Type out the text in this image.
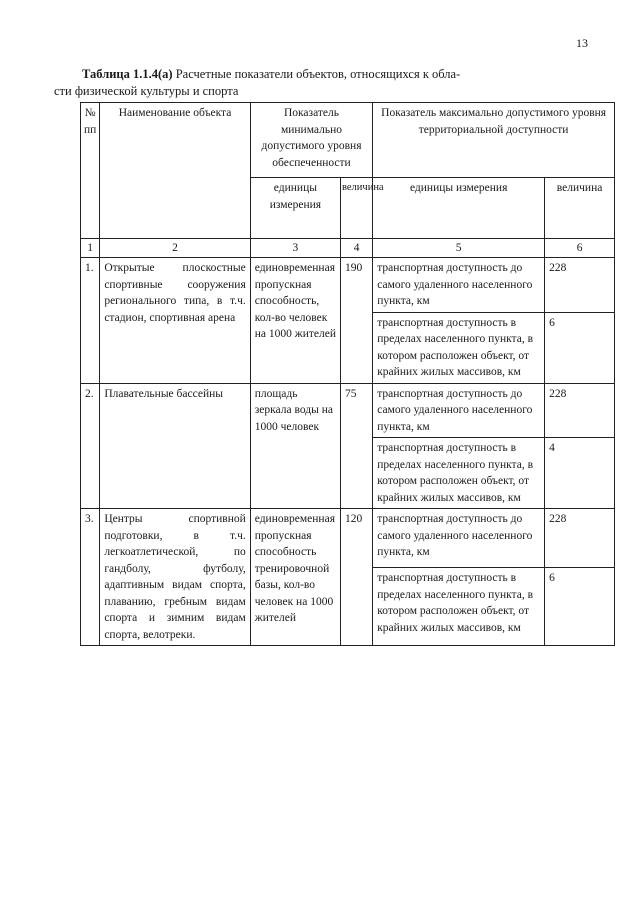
13
Таблица 1.1.4(а) Расчетные показатели объектов, относящихся к обла-
сти физической культуры и спорта
№ пп	Наименование объекта	Показатель минимально допустимого уровня обеспеченности		Показатель максимально допустимого уровня территориальной доступности	
		единицы измерения	величина	единицы измерения	величина
1	2	3	4	5	6
1.	Открытые плоскостные спортивные сооружения регионального типа, в т.ч. стадион, спортивная арена	единовременная пропускная способность, кол-во человек на 1000 жителей	190	транспортная доступность до самого удаленного населенного пункта, км	228
				транспортная доступность в пределах населенного пункта, в котором расположен объект, от крайних жилых массивов, км	6
2.	Плавательные бассейны	площадь зеркала воды на 1000 человек	75	транспортная доступность до самого удаленного населенного пункта, км	228
				транспортная доступность в пределах населенного пункта, в котором расположен объект, от крайних жилых массивов, км	4
3.	Центры спортивной подготовки, в т.ч. легкоатлетической, по гандболу, футболу, адаптивным видам спорта, плаванию, гребным видам спорта и зимним видам спорта, велотреки.	единовременная пропускная способность тренировочной базы, кол-во человек на 1000 жителей	120	транспортная доступность до самого удаленного населенного пункта, км	228
				транспортная доступность в пределах населенного пункта, в котором расположен объект, от крайних жилых массивов, км	6
